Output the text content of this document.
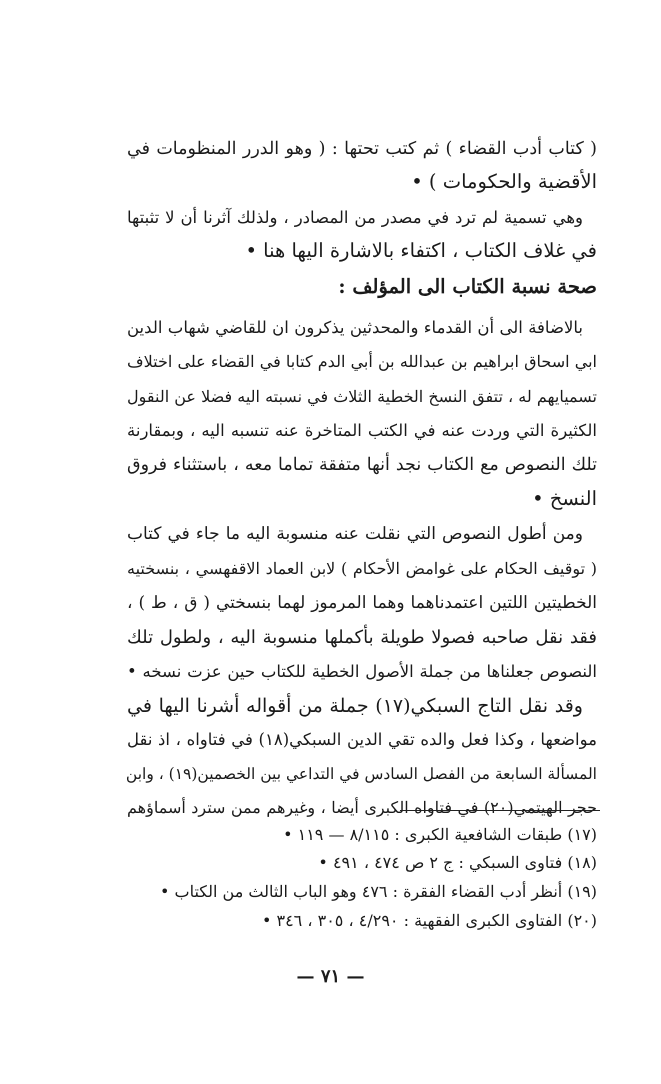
( كتاب أدب القضاء ) ثم كتب تحتها : ( وهو الدرر المنظومات في
الأقضية والحكومات ) •
وهي تسمية لم ترد في مصدر من المصادر ، ولذلك آثرنا أن لا تثبتها
في غلاف الكتاب ، اكتفاء بالاشارة اليها هنا •
صحة نسبة الكتاب الى المؤلف :
بالاضافة الى أن القدماء والمحدثين يذكرون ان للقاضي شهاب الدين
ابي اسحاق ابراهيم بن عبدالله بن أبي الدم كتابا في القضاء على اختلاف
تسميايهم له ، تتفق النسخ الخطية الثلاث في نسبته اليه فضلا عن النقول
الكثيرة التي وردت عنه في الكتب المتاخرة عنه تنسبه اليه ، وبمقارنة
تلك النصوص مع الكتاب نجد أنها متفقة تماما معه ، باستثناء فروق
النسخ •
ومن أطول النصوص التي نقلت عنه منسوبة اليه ما جاء في كتاب
( توقيف الحكام على غوامض الأحكام ) لابن العماد الاقفهسي ، بنسختيه
الخطيتين اللتين اعتمدناهما وهما المرموز لهما بنسختي ( ق ، ط ) ،
فقد نقل صاحبه فصولا طويلة بأكملها منسوبة اليه ، ولطول تلك
النصوص جعلناها من جملة الأصول الخطية للكتاب حين عزت نسخه •
وقد نقل التاج السبكي(١٧) جملة من أقواله أشرنا اليها في
مواضعها ، وكذا فعل والده تقي الدين السبكي(١٨) في فتاواه ، اذ نقل
المسألة السابعة من الفصل السادس في التداعي بين الخصمين(١٩) ، وابن
حجر الهيتمي(٢٠) في فتاواه الكبرى أيضا ، وغيرهم ممن سترد أسماؤهم
(١٧) طبقات الشافعية الكبرى : ٨/١١٥ — ١١٩ •
(١٨) فتاوى السبكي : ج ٢ ص ٤٧٤ ، ٤٩١ •
(١٩) أنظر أدب القضاء الفقرة : ٤٧٦ وهو الباب الثالث من الكتاب •
(٢٠) الفتاوى الكبرى الفقهية : ٤/٢٩٠ ، ٣٠٥ ، ٣٤٦ •
— ٧١ —
